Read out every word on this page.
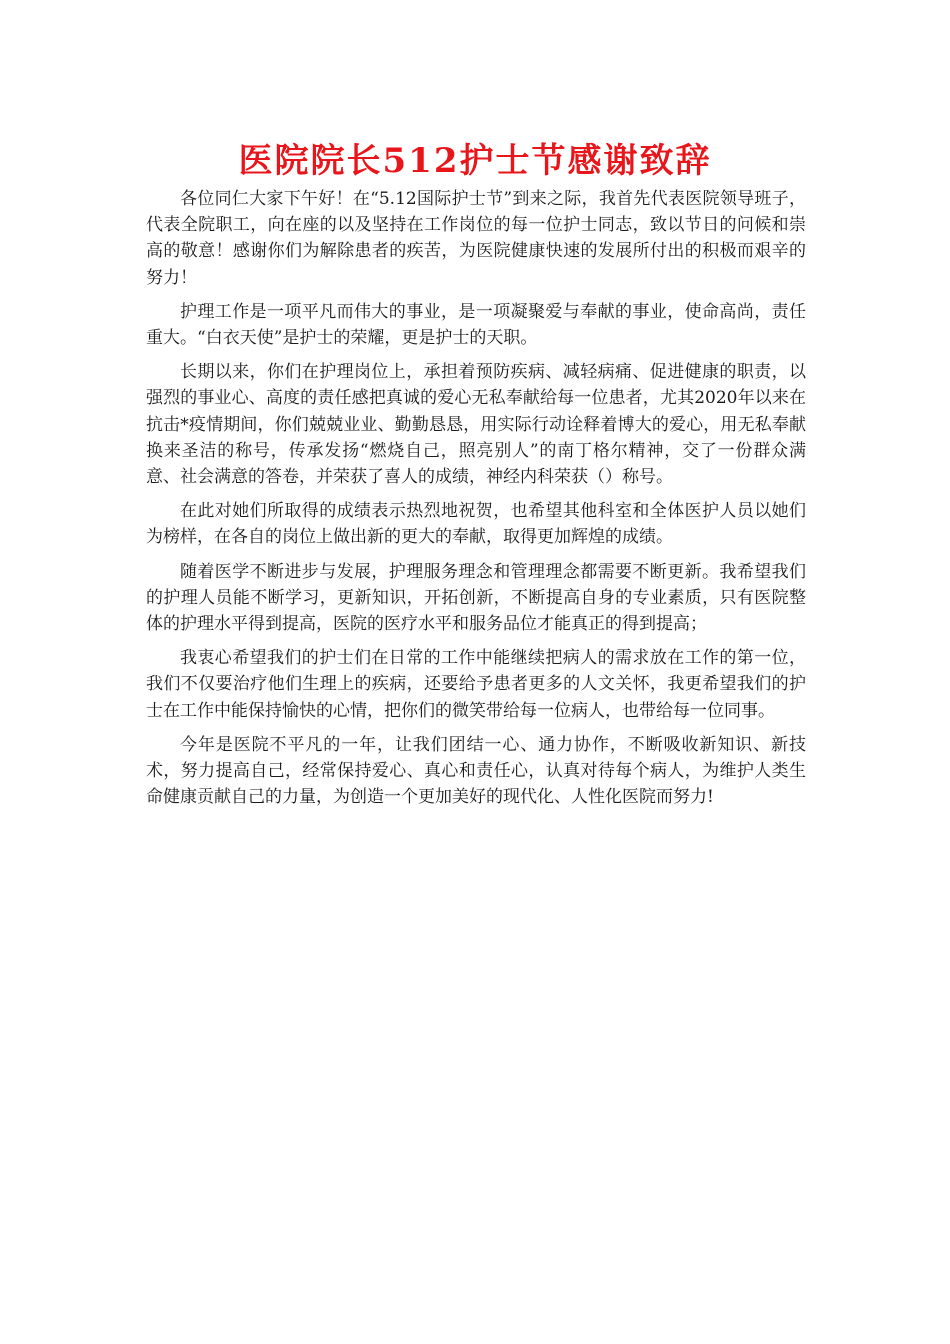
医院院长512护士节感谢致辞

各位同仁大家下午好！在“5.12国际护士节”到来之际，我首先代表医院领导班子，代表全院职工，向在座的以及坚持在工作岗位的每一位护士同志，致以节日的问候和崇高的敬意！感谢你们为解除患者的疾苦，为医院健康快速的发展所付出的积极而艰辛的努力！

护理工作是一项平凡而伟大的事业，是一项凝聚爱与奉献的事业，使命高尚，责任重大。“白衣天使”是护士的荣耀，更是护士的天职。

长期以来，你们在护理岗位上，承担着预防疾病、减轻病痛、促进健康的职责，以强烈的事业心、高度的责任感把真诚的爱心无私奉献给每一位患者，尤其2020年以来在抗击*疫情期间，你们兢兢业业、勤勤恳恳，用实际行动诠释着博大的爱心，用无私奉献换来圣洁的称号，传承发扬“燃烧自己，照亮别人”的南丁格尔精神，交了一份群众满意、社会满意的答卷，并荣获了喜人的成绩，神经内科荣获（）称号。

在此对她们所取得的成绩表示热烈地祝贺，也希望其他科室和全体医护人员以她们为榜样，在各自的岗位上做出新的更大的奉献，取得更加辉煌的成绩。

随着医学不断进步与发展，护理服务理念和管理理念都需要不断更新。我希望我们的护理人员能不断学习，更新知识，开拓创新，不断提高自身的专业素质，只有医院整体的护理水平得到提高，医院的医疗水平和服务品位才能真正的得到提高；

我衷心希望我们的护士们在日常的工作中能继续把病人的需求放在工作的第一位，我们不仅要治疗他们生理上的疾病，还要给予患者更多的人文关怀，我更希望我们的护士在工作中能保持愉快的心情，把你们的微笑带给每一位病人，也带给每一位同事。

今年是医院不平凡的一年，让我们团结一心、通力协作，不断吸收新知识、新技术，努力提高自己，经常保持爱心、真心和责任心，认真对待每个病人，为维护人类生命健康贡献自己的力量，为创造一个更加美好的现代化、人性化医院而努力!
